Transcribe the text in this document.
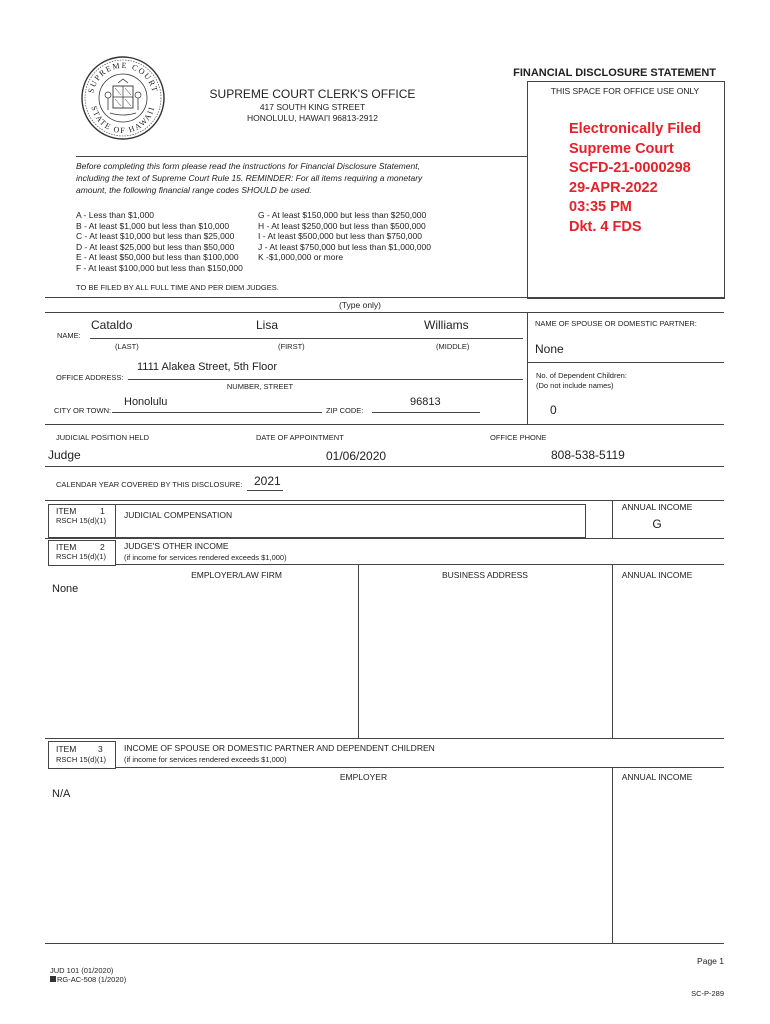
SUPREME COURT
STATE OF HAWAII
SUPREME COURT CLERK'S OFFICE
417 SOUTH KING STREET
HONOLULU, HAWAI'I 96813-2912
FINANCIAL DISCLOSURE STATEMENT
THIS SPACE FOR OFFICE USE ONLY
Electronically Filed
Supreme Court
SCFD-21-0000298
29-APR-2022
03:35 PM
Dkt. 4 FDS
Before completing this form please read the instructions for Financial Disclosure Statement,
including the text of Supreme Court Rule 15. REMINDER: For all items requiring a monetary
amount, the following financial range codes SHOULD be used.
A - Less than $1,000
B - At least $1,000 but less than $10,000
C - At least $10,000 but less than $25,000
D - At least $25,000 but less than $50,000
E - At least $50,000 but less than $100,000
F - At least $100,000 but less than $150,000
G - At least $150,000 but less than $250,000
H - At least $250,000 but less than $500,000
I - At least $500,000 but less than $750,000
J - At least $750,000 but less than $1,000,000
K -$1,000,000 or more
TO BE FILED BY ALL FULL TIME AND PER DIEM JUDGES.
(Type only)
NAME:
Cataldo	Lisa	Williams
(LAST)	(FIRST)	(MIDDLE)
NAME OF SPOUSE OR DOMESTIC PARTNER:
None
No. of Dependent Children:
(Do not include names)
0
OFFICE ADDRESS:
1111 Alakea Street, 5th Floor
NUMBER, STREET
CITY OR TOWN:
Honolulu
ZIP CODE:
96813
JUDICIAL POSITION HELD	DATE OF APPOINTMENT	OFFICE PHONE
Judge	01/06/2020	808-538-5119
CALENDAR YEAR COVERED BY THIS DISCLOSURE: 2021
ITEM	1
RSCH 15(d)(1)
JUDICIAL COMPENSATION
ANNUAL INCOME
G
ITEM	2
RSCH 15(d)(1)
JUDGE'S OTHER INCOME
(if income for services rendered exceeds $1,000)
EMPLOYER/LAW FIRM	BUSINESS ADDRESS	ANNUAL INCOME
None
ITEM	3
RSCH 15(d)(1)
INCOME OF SPOUSE OR DOMESTIC PARTNER AND DEPENDENT CHILDREN
(if income for services rendered exceeds $1,000)
EMPLOYER	ANNUAL INCOME
N/A
JUD 101 (01/2020)
RG-AC-508 (1/2020)
Page 1
SC-P-289
